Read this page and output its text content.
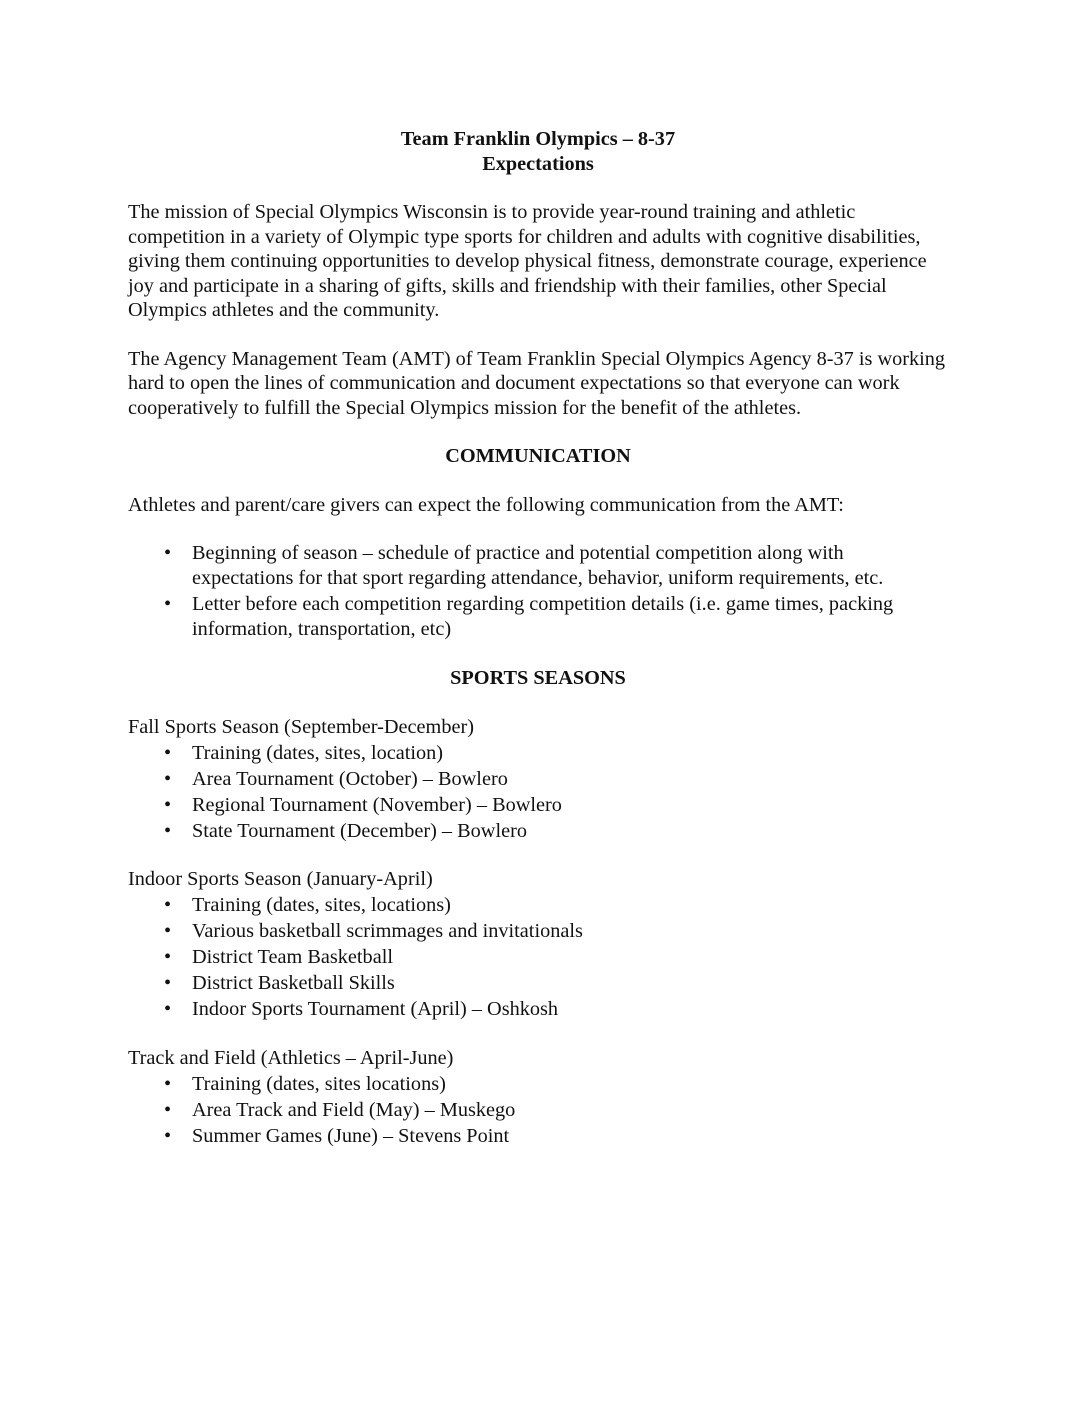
Team Franklin Olympics – 8-37
Expectations

The mission of Special Olympics Wisconsin is to provide year-round training and athletic competition in a variety of Olympic type sports for children and adults with cognitive disabilities, giving them continuing opportunities to develop physical fitness, demonstrate courage, experience joy and participate in a sharing of gifts, skills and friendship with their families, other Special Olympics athletes and the community.

The Agency Management Team (AMT) of Team Franklin Special Olympics Agency 8-37 is working hard to open the lines of communication and document expectations so that everyone can work cooperatively to fulfill the Special Olympics mission for the benefit of the athletes.

COMMUNICATION

Athletes and parent/care givers can expect the following communication from the AMT:

• Beginning of season – schedule of practice and potential competition along with expectations for that sport regarding attendance, behavior, uniform requirements, etc.
• Letter before each competition regarding competition details (i.e. game times, packing information, transportation, etc)
SPORTS SEASONS
Fall Sports Season (September-December)
• Training (dates, sites, location)
• Area Tournament (October) – Bowlero
• Regional Tournament (November) – Bowlero
• State Tournament (December) – Bowlero
Indoor Sports Season (January-April)
• Training (dates, sites, locations)
• Various basketball scrimmages and invitationals
• District Team Basketball
• District Basketball Skills
• Indoor Sports Tournament (April) – Oshkosh
Track and Field (Athletics – April-June)
• Training (dates, sites locations)
• Area Track and Field (May) – Muskego
• Summer Games (June) – Stevens Point
